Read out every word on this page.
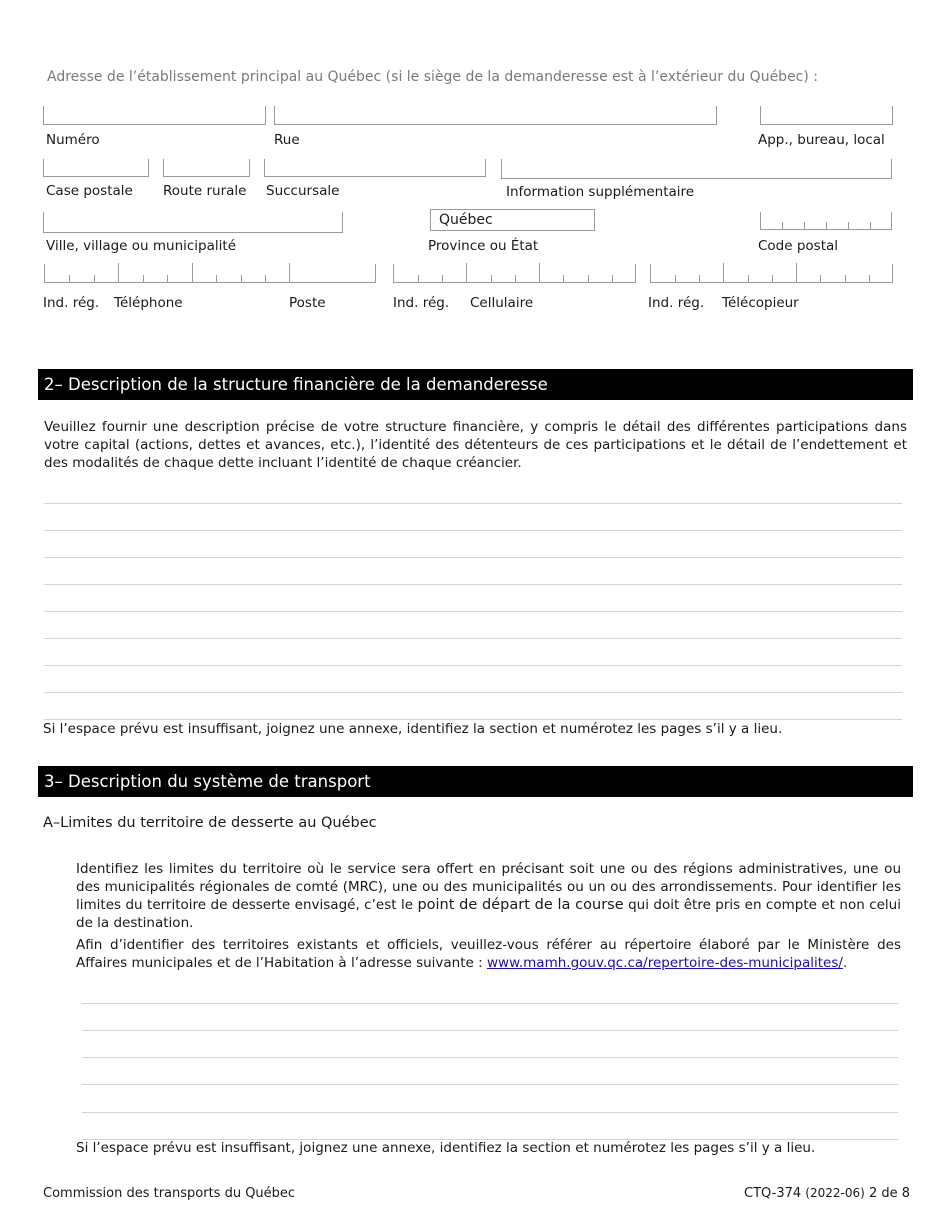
Adresse de l’établissement principal au Québec (si le siège de la demanderesse est à l’extérieur du Québec) :
Numéro	Rue	App., bureau, local
Case postale Route rurale Succursale	Information supplémentaire
Québec
Ville, village ou municipalité	Province ou État	Code postal
Ind. rég. Téléphone	Poste	Ind. rég. Cellulaire	Ind. rég. Télécopieur
2– Description de la structure financière de la demanderesse
Veuillez fournir une description précise de votre structure financière, y compris le détail des différentes participations dans votre capital (actions, dettes et avances, etc.), l’identité des détenteurs de ces participations et le détail de l’endettement et des modalités de chaque dette incluant l’identité de chaque créancier.
Si l’espace prévu est insuffisant, joignez une annexe, identifiez la section et numérotez les pages s’il y a lieu.
3– Description du système de transport
A–Limites du territoire de desserte au Québec
Identifiez les limites du territoire où le service sera offert en précisant soit une ou des régions administratives, une ou des municipalités régionales de comté (MRC), une ou des municipalités ou un ou des arrondissements. Pour identifier les limites du territoire de desserte envisagé, c’est le point de départ de la course qui doit être pris en compte et non celui de la destination.
Afin d’identifier des territoires existants et officiels, veuillez-vous référer au répertoire élaboré par le Ministère des Affaires municipales et de l’Habitation à l’adresse suivante : www.mamh.gouv.qc.ca/repertoire-des-municipalites/.
Si l’espace prévu est insuffisant, joignez une annexe, identifiez la section et numérotez les pages s’il y a lieu.
Commission des transports du Québec	CTQ-374 (2022-06) 2 de 8
